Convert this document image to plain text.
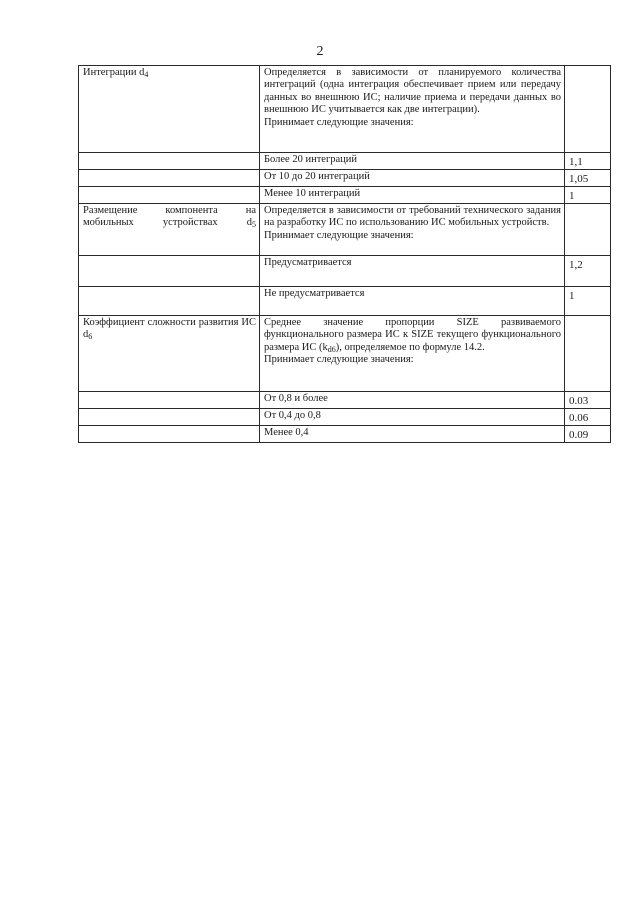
2
Интеграции $d_4$	Определяется в зависимости от планируемого количества интеграций (одна интеграция обеспечивает прием или передачу данных во внешнюю ИС; наличие приема и передачи данных во внешнюю ИС учитывается как две интеграции).
Принимает следующие значения:	
	Более 20 интеграций	1,1
	От 10 до 20 интеграций	1,05
	Менее 10 интеграций	1
Размещение компонента на мобильных устройствах $d_5$	Определяется в зависимости от требований технического задания на разработку ИС по использованию ИС мобильных устройств.
Принимает следующие значения:	
	Предусматривается	1,2
	Не предусматривается	1
Коэффициент сложности развития ИС $d_6$	Среднее значение пропорции SIZE развиваемого функционального размера ИС к SIZE текущего функционального размера ИС $(k_{d6})$, определяемое по формуле 14.2.
Принимает следующие значения:	
	От 0,8 и более	0.03
	От 0,4 до 0,8	0.06
	Менее 0,4	0.09
